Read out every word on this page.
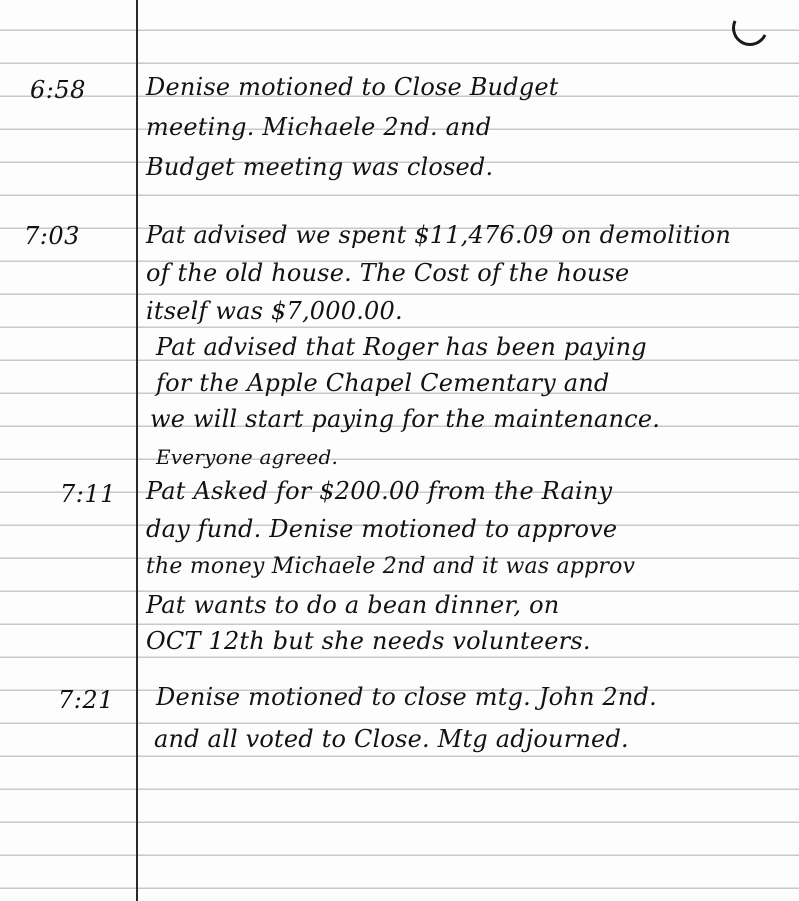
6:58	Denise motioned to Close Budget
meeting. Michaele 2nd. and
Budget meeting was closed.
7:03	Pat advised we spent $11,476.09 on demolition
of the old house. The Cost of the house
itself was $7,000.00.
Pat advised that Roger has been paying
for the Apple Chapel Cementary and
we will start paying for the maintenance.
Everyone agreed.
7:11 Pat Asked for $200.00 from the Rainy
day fund. Denise motioned to approve
the money Michaele 2nd and it was approv
Pat wants to do a bean dinner, on
OCT 12th but she needs volunteers.
7:21 Denise motioned to close mtg. John 2nd.
and all voted to Close. Mtg adjourned.
